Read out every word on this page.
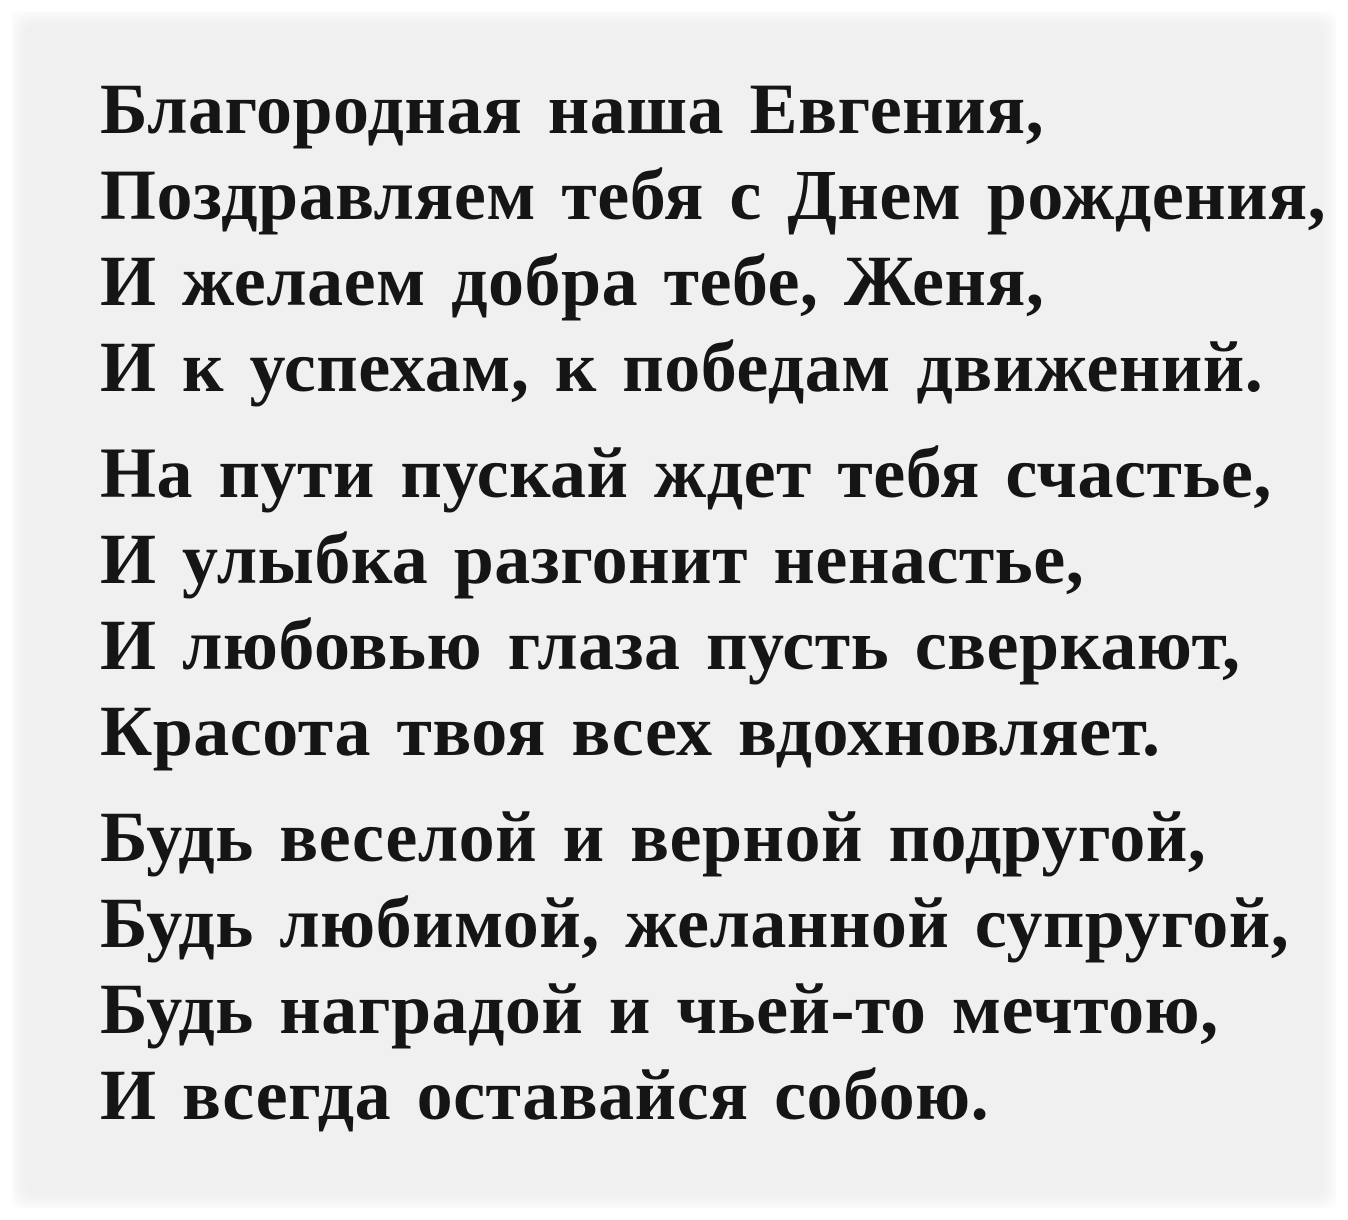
Благородная наша Евгения,
Поздравляем тебя с Днем рождения,
И желаем добра тебе, Женя,
И к успехам, к победам движений.
На пути пускай ждет тебя счастье,
И улыбка разгонит ненастье,
И любовью глаза пусть сверкают,
Красота твоя всех вдохновляет.
Будь веселой и верной подругой,
Будь любимой, желанной супругой,
Будь наградой и чьей-то мечтою,
И всегда оставайся собою.
